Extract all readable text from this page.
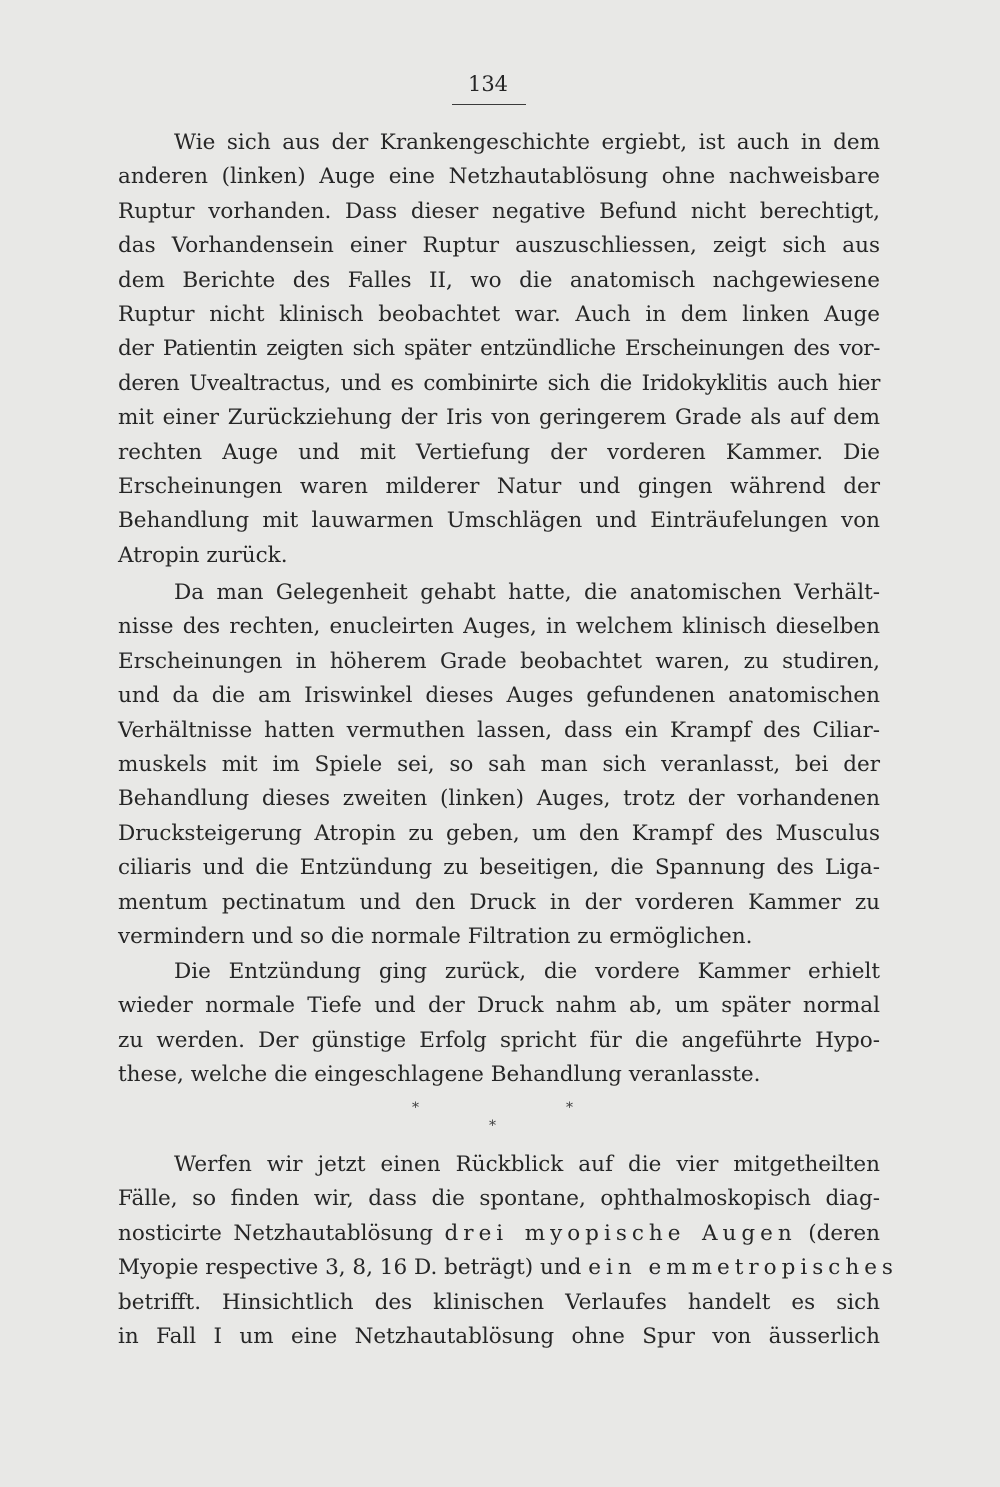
134
Wie sich aus der Krankengeschichte ergiebt, ist auch in dem
anderen (linken) Auge eine Netzhautablösung ohne nachweisbare
Ruptur vorhanden. Dass dieser negative Befund nicht berechtigt,
das Vorhandensein einer Ruptur auszuschliessen, zeigt sich aus
dem Berichte des Falles II, wo die anatomisch nachgewiesene
Ruptur nicht klinisch beobachtet war. Auch in dem linken Auge
der Patientin zeigten sich später entzündliche Erscheinungen des vor-
deren Uvealtractus, und es combinirte sich die Iridokyklitis auch hier
mit einer Zurückziehung der Iris von geringerem Grade als auf dem
rechten Auge und mit Vertiefung der vorderen Kammer. Die
Erscheinungen waren milderer Natur und gingen während der
Behandlung mit lauwarmen Umschlägen und Einträufelungen von
Atropin zurück.
Da man Gelegenheit gehabt hatte, die anatomischen Verhält-
nisse des rechten, enucleirten Auges, in welchem klinisch dieselben
Erscheinungen in höherem Grade beobachtet waren, zu studiren,
und da die am Iriswinkel dieses Auges gefundenen anatomischen
Verhältnisse hatten vermuthen lassen, dass ein Krampf des Ciliar-
muskels mit im Spiele sei, so sah man sich veranlasst, bei der
Behandlung dieses zweiten (linken) Auges, trotz der vorhandenen
Drucksteigerung Atropin zu geben, um den Krampf des Musculus
ciliaris und die Entzündung zu beseitigen, die Spannung des Liga-
mentum pectinatum und den Druck in der vorderen Kammer zu
vermindern und so die normale Filtration zu ermöglichen.
Die Entzündung ging zurück, die vordere Kammer erhielt
wieder normale Tiefe und der Druck nahm ab, um später normal
zu werden. Der günstige Erfolg spricht für die angeführte Hypo-
these, welche die eingeschlagene Behandlung veranlasste.
*	*
*
Werfen wir jetzt einen Rückblick auf die vier mitgetheilten
Fälle, so finden wir, dass die spontane, ophthalmoskopisch diag-
nosticirte Netzhautablösung drei myopische Augen (deren
Myopie respective 3, 8, 16 D. beträgt) und ein emmetropisches
betrifft. Hinsichtlich des klinischen Verlaufes handelt es sich
in Fall I um eine Netzhautablösung ohne Spur von äusserlich
